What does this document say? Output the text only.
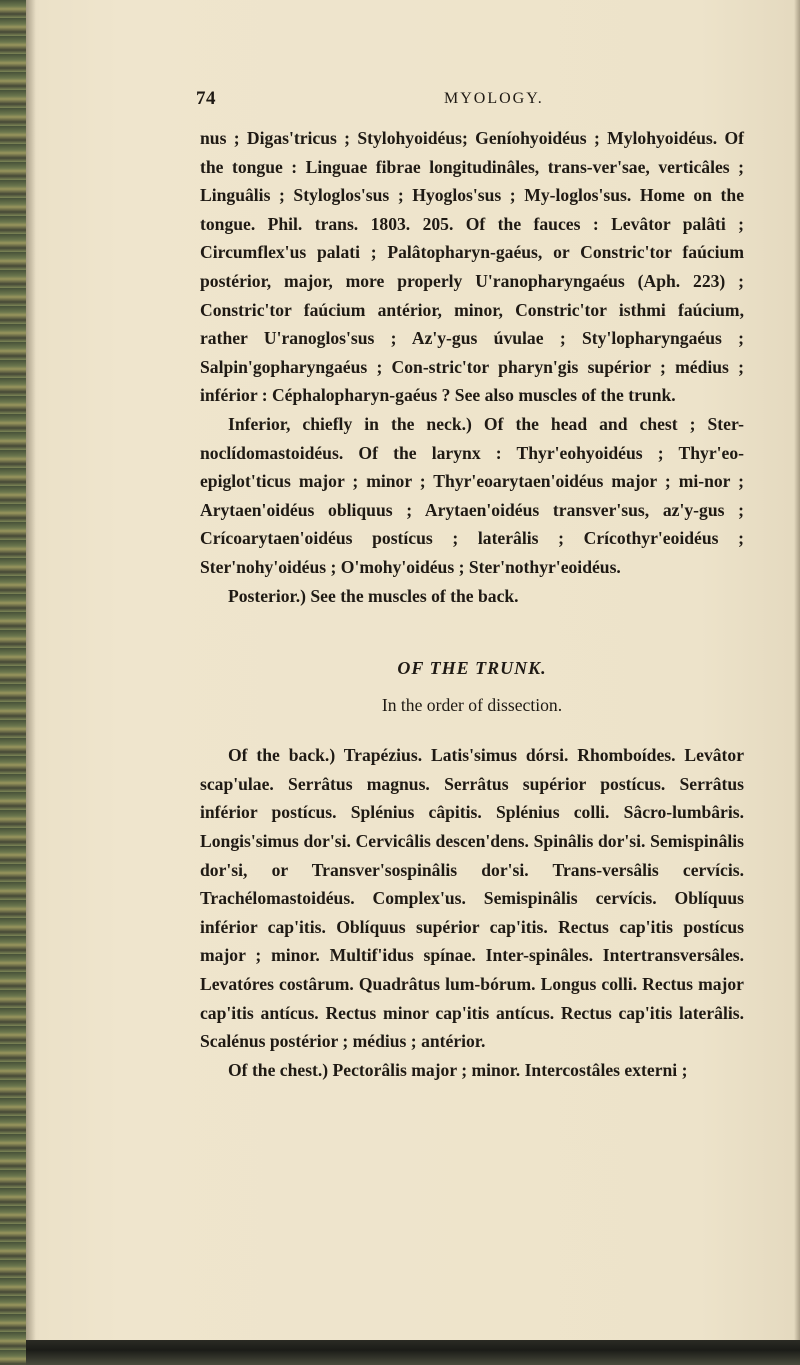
74	MYOLOGY.

nus ; Digas'tricus ; Stylohyoidéus; Geníohyoidéus ; Mylohyoidéus. Of the tongue : Linguae fibrae longitudinâles, trans-ver'sae, verticâles ; Linguâlis ; Styloglos'sus ; Hyoglos'sus ; My-loglos'sus. Home on the tongue. Phil. trans. 1803. 205. Of the fauces : Levâtor palâti ; Circumflex'us palati ; Palâtopharyn-gaéus, or Constric'tor faúcium postérior, major, more properly U'ranopharyngaéus (Aph. 223) ; Constric'tor faúcium antérior, minor, Constric'tor isthmi faúcium, rather U'ranoglos'sus ; Az'y-gus úvulae ; Sty'lopharyngaéus ; Salpin'gopharyngaéus ; Con-stric'tor pharyn'gis supérior ; médius ; inférior : Céphalopharyn-gaéus ? See also muscles of the trunk.

Inferior, chiefly in the neck.) Of the head and chest ; Ster-noclídomastoidéus. Of the larynx : Thyr'eohyoidéus ; Thyr'eo-epiglot'ticus major ; minor ; Thyr'eoarytaen'oidéus major ; mi-nor ; Arytaen'oidéus obliquus ; Arytaen'oidéus transver'sus, az'y-gus ; Crícoarytaen'oidéus postícus ; laterâlis ; Crícothyr'eoidéus ; Ster'nohy'oidéus ; O'mohy'oidéus ; Ster'nothyr'eoidéus.

Posterior.) See the muscles of the back.

OF THE TRUNK.

In the order of dissection.

Of the back.) Trapézius. Latis'simus dórsi. Rhomboídes. Levâtor scap'ulae. Serrâtus magnus. Serrâtus supérior postícus. Serrâtus inférior postícus. Splénius câpitis. Splénius colli. Sâcro-lumbâris. Longis'simus dor'si. Cervicâlis descen'dens. Spinâlis dor'si. Semispinâlis dor'si, or Transver'sospinâlis dor'si. Trans-versâlis cervícis. Trachélomastoidéus. Complex'us. Semispinâlis cervícis. Oblíquus inférior cap'itis. Oblíquus supérior cap'itis. Rectus cap'itis postícus major ; minor. Multif'idus spínae. Inter-spinâles. Intertransversâles. Levatóres costârum. Quadrâtus lum-bórum. Longus colli. Rectus major cap'itis antícus. Rectus minor cap'itis antícus. Rectus cap'itis laterâlis. Scalénus postérior ; médius ; antérior.

Of the chest.) Pectorâlis major ; minor. Intercostâles externi ;
